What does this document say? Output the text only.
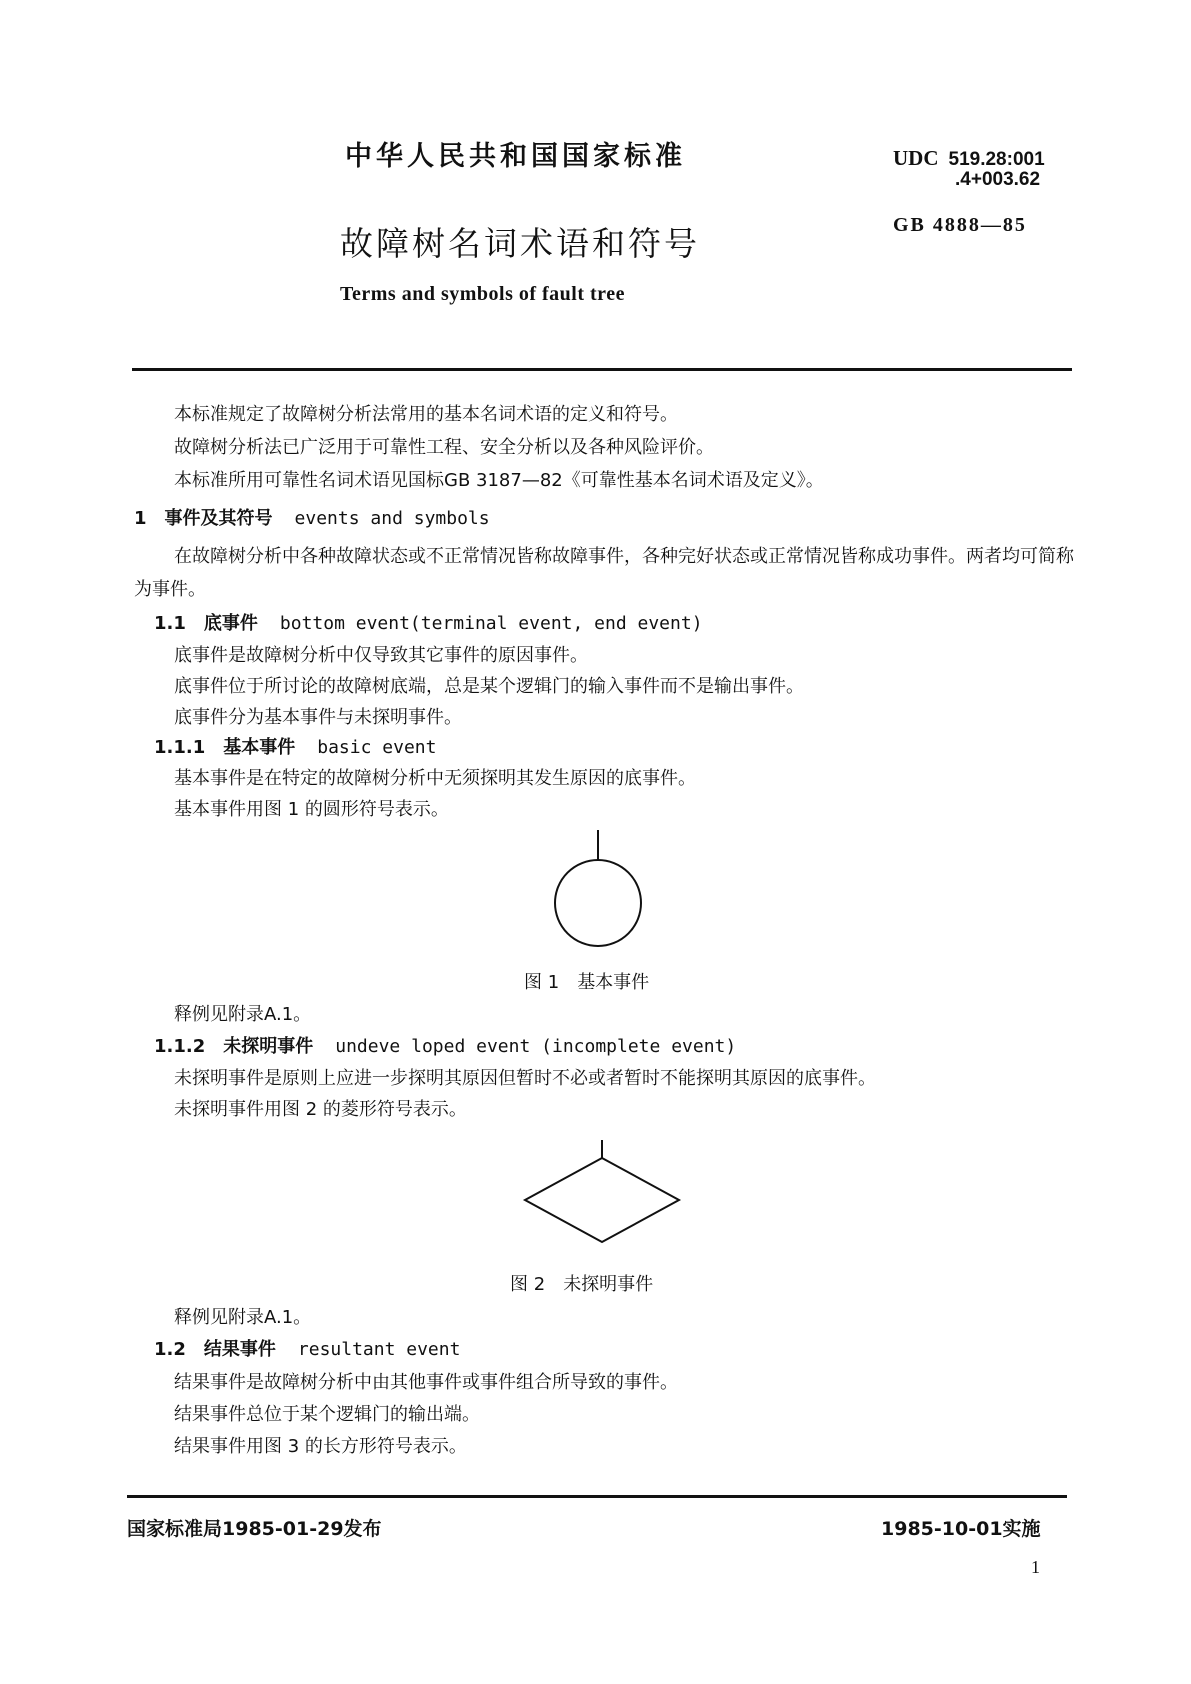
中华人民共和国国家标准
故障树名词术语和符号
Terms and symbols of fault tree
UDC 519.28:001
.4+003.62
GB 4888—85
本标准规定了故障树分析法常用的基本名词术语的定义和符号。
故障树分析法已广泛用于可靠性工程、安全分析以及各种风险评价。
本标准所用可靠性名词术语见国标GB 3187—82《可靠性基本名词术语及定义》。
1 事件及其符号 events and symbols
在故障树分析中各种故障状态或不正常情况皆称故障事件，各种完好状态或正常情况皆称成功事件。两者均可简称为事件。
1.1 底事件 bottom event(terminal event, end event)
底事件是故障树分析中仅导致其它事件的原因事件。
底事件位于所讨论的故障树底端，总是某个逻辑门的输入事件而不是输出事件。
底事件分为基本事件与未探明事件。
1.1.1 基本事件 basic event
基本事件是在特定的故障树分析中无须探明其发生原因的底事件。
基本事件用图 1 的圆形符号表示。
图 1 基本事件
释例见附录A.1。
1.1.2 未探明事件 undeve loped event (incomplete event)
未探明事件是原则上应进一步探明其原因但暂时不必或者暂时不能探明其原因的底事件。
未探明事件用图 2 的菱形符号表示。
图 2 未探明事件
释例见附录A.1。
1.2 结果事件 resultant event
结果事件是故障树分析中由其他事件或事件组合所导致的事件。
结果事件总位于某个逻辑门的输出端。
结果事件用图 3 的长方形符号表示。
国家标准局1985-01-29发布	1985-10-01实施
1
